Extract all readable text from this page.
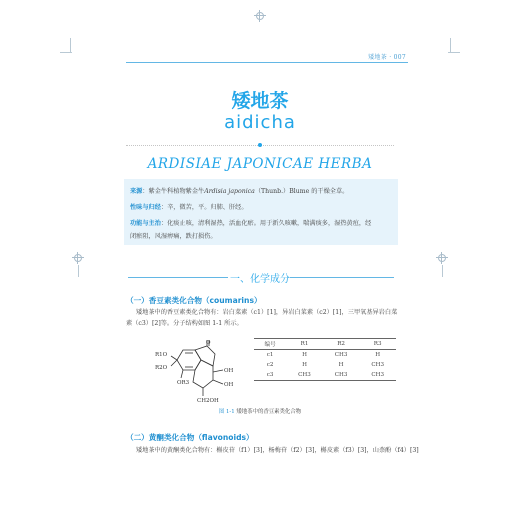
矮地茶 · 007
矮地茶
aidicha
ARDISIAE JAPONICAE HERBA
来源：紫金牛科植物紫金牛Ardisia japonica（Thunb.）Blume 的干燥全草。
性味与归经：辛，微苦，平。归肺、肝经。
功能与主治：化痰止咳，清利湿热，活血化瘀。用于新久咳嗽，喘满痰多，湿热黄疸，经
闭瘀阻，风湿痹痛，跌打损伤。
一、化学成分
（一）香豆素类化合物（coumarins）
矮地茶中的香豆素类化合物有：岩白菜素（c1）[1]，异岩白菜素（c2）[1]，三甲氧基异岩白菜
素（c3）[2]等。分子结构如图 1-1 所示。
R1O
R2O
OR3
O
OH
OH
CH2OH
编号	R1	R2	R3
c1	H	CH3	H
c2	H	H	CH3
c3	CH3	CH3	CH3
图 1-1 矮地茶中的香豆素类化合物
（二）黄酮类化合物（flavonoids）
矮地茶中的黄酮类化合物有：槲皮苷（f1）[3]，杨梅苷（f2）[3]，槲皮素（f3）[3]，山柰酚（f4）[3]
